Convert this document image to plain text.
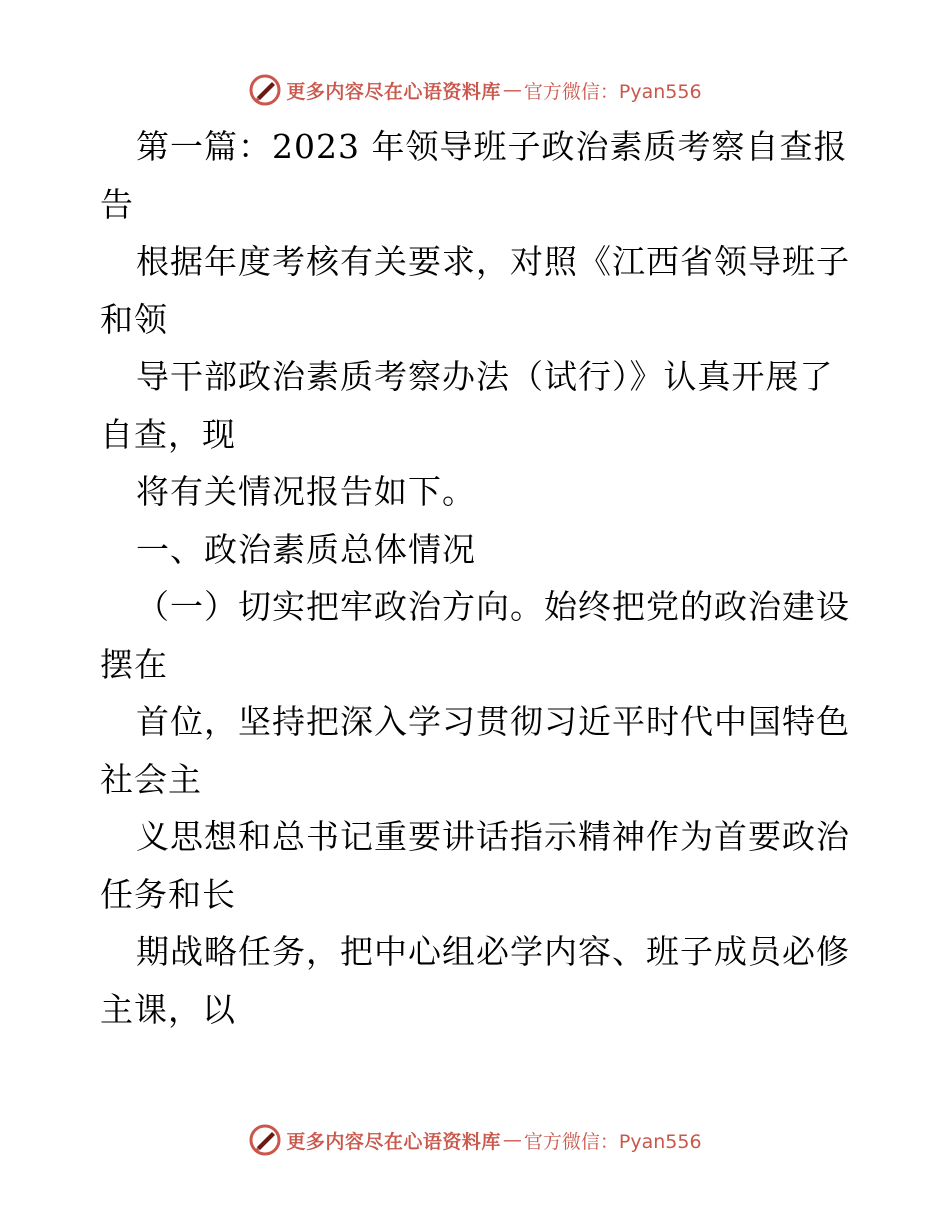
更多内容尽在心语资料库 — 官方微信：Pyan556
第一篇：2023 年领导班子政治素质考察自查报
告
根据年度考核有关要求，对照《江西省领导班子
和领
导干部政治素质考察办法（试行）》认真开展了
自查，现
将有关情况报告如下。
一、政治素质总体情况
（一）切实把牢政治方向。始终把党的政治建设
摆在
首位，坚持把深入学习贯彻习近平时代中国特色
社会主
义思想和总书记重要讲话指示精神作为首要政治
任务和长
期战略任务，把中心组必学内容、班子成员必修
主课，以
更多内容尽在心语资料库 — 官方微信：Pyan556
